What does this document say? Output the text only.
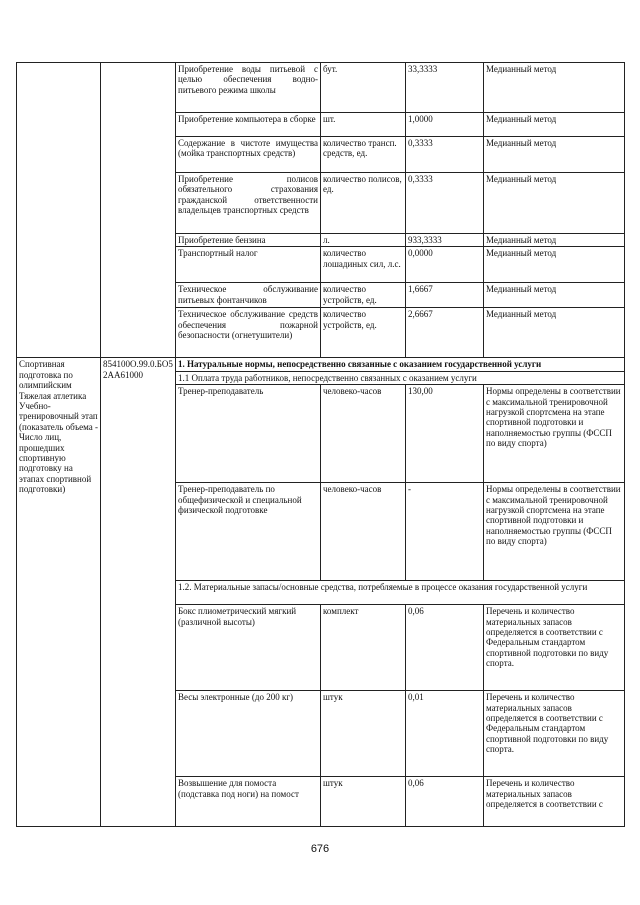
		Приобретение воды питьевой с целью обеспечения водно-питьевого режима школы	бут.	33,3333	Медианный метод
		Приобретение компьютера в сборке	шт.	1,0000	Медианный метод
		Содержание в чистоте имущества (мойка транспортных средств)	количество трансп. средств, ед.	0,3333	Медианный метод
		Приобретение полисов обязательного страхования гражданской ответственности владельцев транспортных средств	количество полисов, ед.	0,3333	Медианный метод
		Приобретение бензина	л.	933,3333	Медианный метод
		Транспортный налог	количество лошадиных сил, л.с.	0,0000	Медианный метод
		Техническое обслуживание питьевых фонтанчиков	количество устройств, ед.	1,6667	Медианный метод
		Техническое обслуживание средств обеспечения пожарной безопасности (огнетушители)	количество устройств, ед.	2,6667	Медианный метод
Спортивная подготовка по олимпийским Тяжелая атлетика Учебно-тренировочный этап (показатель объема - Число лиц, прошедших спортивную подготовку на этапах спортивной подготовки)	854100О.99.0.БО52АА61000	1. Натуральные нормы, непосредственно связанные с оказанием государственной услуги			
		1.1 Оплата труда работников, непосредственно связанных с оказанием услуги			
		Тренер-преподаватель	человеко-часов	130,00	Нормы определены в соответствии с максимальной тренировочной нагрузкой спортсмена на этапе спортивной подготовки и наполняемостью группы (ФССП по виду спорта)
		Тренер-преподаватель по общефизической и специальной физической подготовке	человеко-часов	-	Нормы определены в соответствии с максимальной тренировочной нагрузкой спортсмена на этапе спортивной подготовки и наполняемостью группы (ФССП по виду спорта)
		1.2. Материальные запасы/основные средства, потребляемые в процессе оказания государственной услуги			
		Бокс плиометрический мягкий (различной высоты)	комплект	0,06	Перечень и количество материальных запасов определяется в соответствии с Федеральным стандартом спортивной подготовки по виду спорта.
		Весы электронные (до 200 кг)	штук	0,01	Перечень и количество материальных запасов определяется в соответствии с Федеральным стандартом спортивной подготовки по виду спорта.
		Возвышение для помоста (подставка под ноги) на помост	штук	0,06	Перечень и количество материальных запасов определяется в соответствии с
676
